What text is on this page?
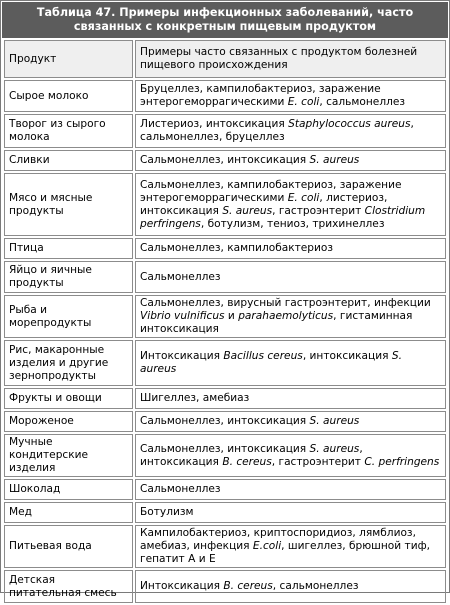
Таблица 47. Примеры инфекционных заболеваний, часто связанных с конкретным пищевым продуктом
Продукт	Примеры часто связанных с продуктом болезней пищевого происхождения
Сырое молоко	Бруцеллез, кампилобактериоз, заражение энтерогеморрагическими E. coli, сальмонеллез
Творог из сырого молока	Листериоз, интоксикация Staphylococcus aureus, сальмонеллез, бруцеллез
Сливки	Сальмонеллез, интоксикация S. aureus
Мясо и мясные продукты	Сальмонеллез, кампилобактериоз, заражение энтерогеморрагическими E. coli, листериоз, интоксикация S. aureus, гастроэнтерит Clostridium perfringens, ботулизм, тениоз, трихинеллез
Птица	Сальмонеллез, кампилобактериоз
Яйцо и яичные продукты	Сальмонеллез
Рыба и морепродукты	Сальмонеллез, вирусный гастроэнтерит, инфекции Vibrio vulnificus и parahaemolyticus, гистаминная интоксикация
Рис, макаронные изделия и другие зернопродукты	Интоксикация Bacillus cereus, интоксикация S. aureus
Фрукты и овощи	Шигеллез, амебиаз
Мороженое	Сальмонеллез, интоксикация S. aureus
Мучные кондитерские изделия	Сальмонеллез, интоксикация S. aureus, интоксикация B. cereus, гастроэнтерит C. perfringens
Шоколад	Сальмонеллез
Мед	Ботулизм
Питьевая вода	Кампилобактериоз, криптоспоридиоз, лямблиоз, амебиаз, инфекция E.coli, шигеллез, брюшной тиф, гепатит А и Е
Детская питательная смесь	Интоксикация B. cereus, сальмонеллез
